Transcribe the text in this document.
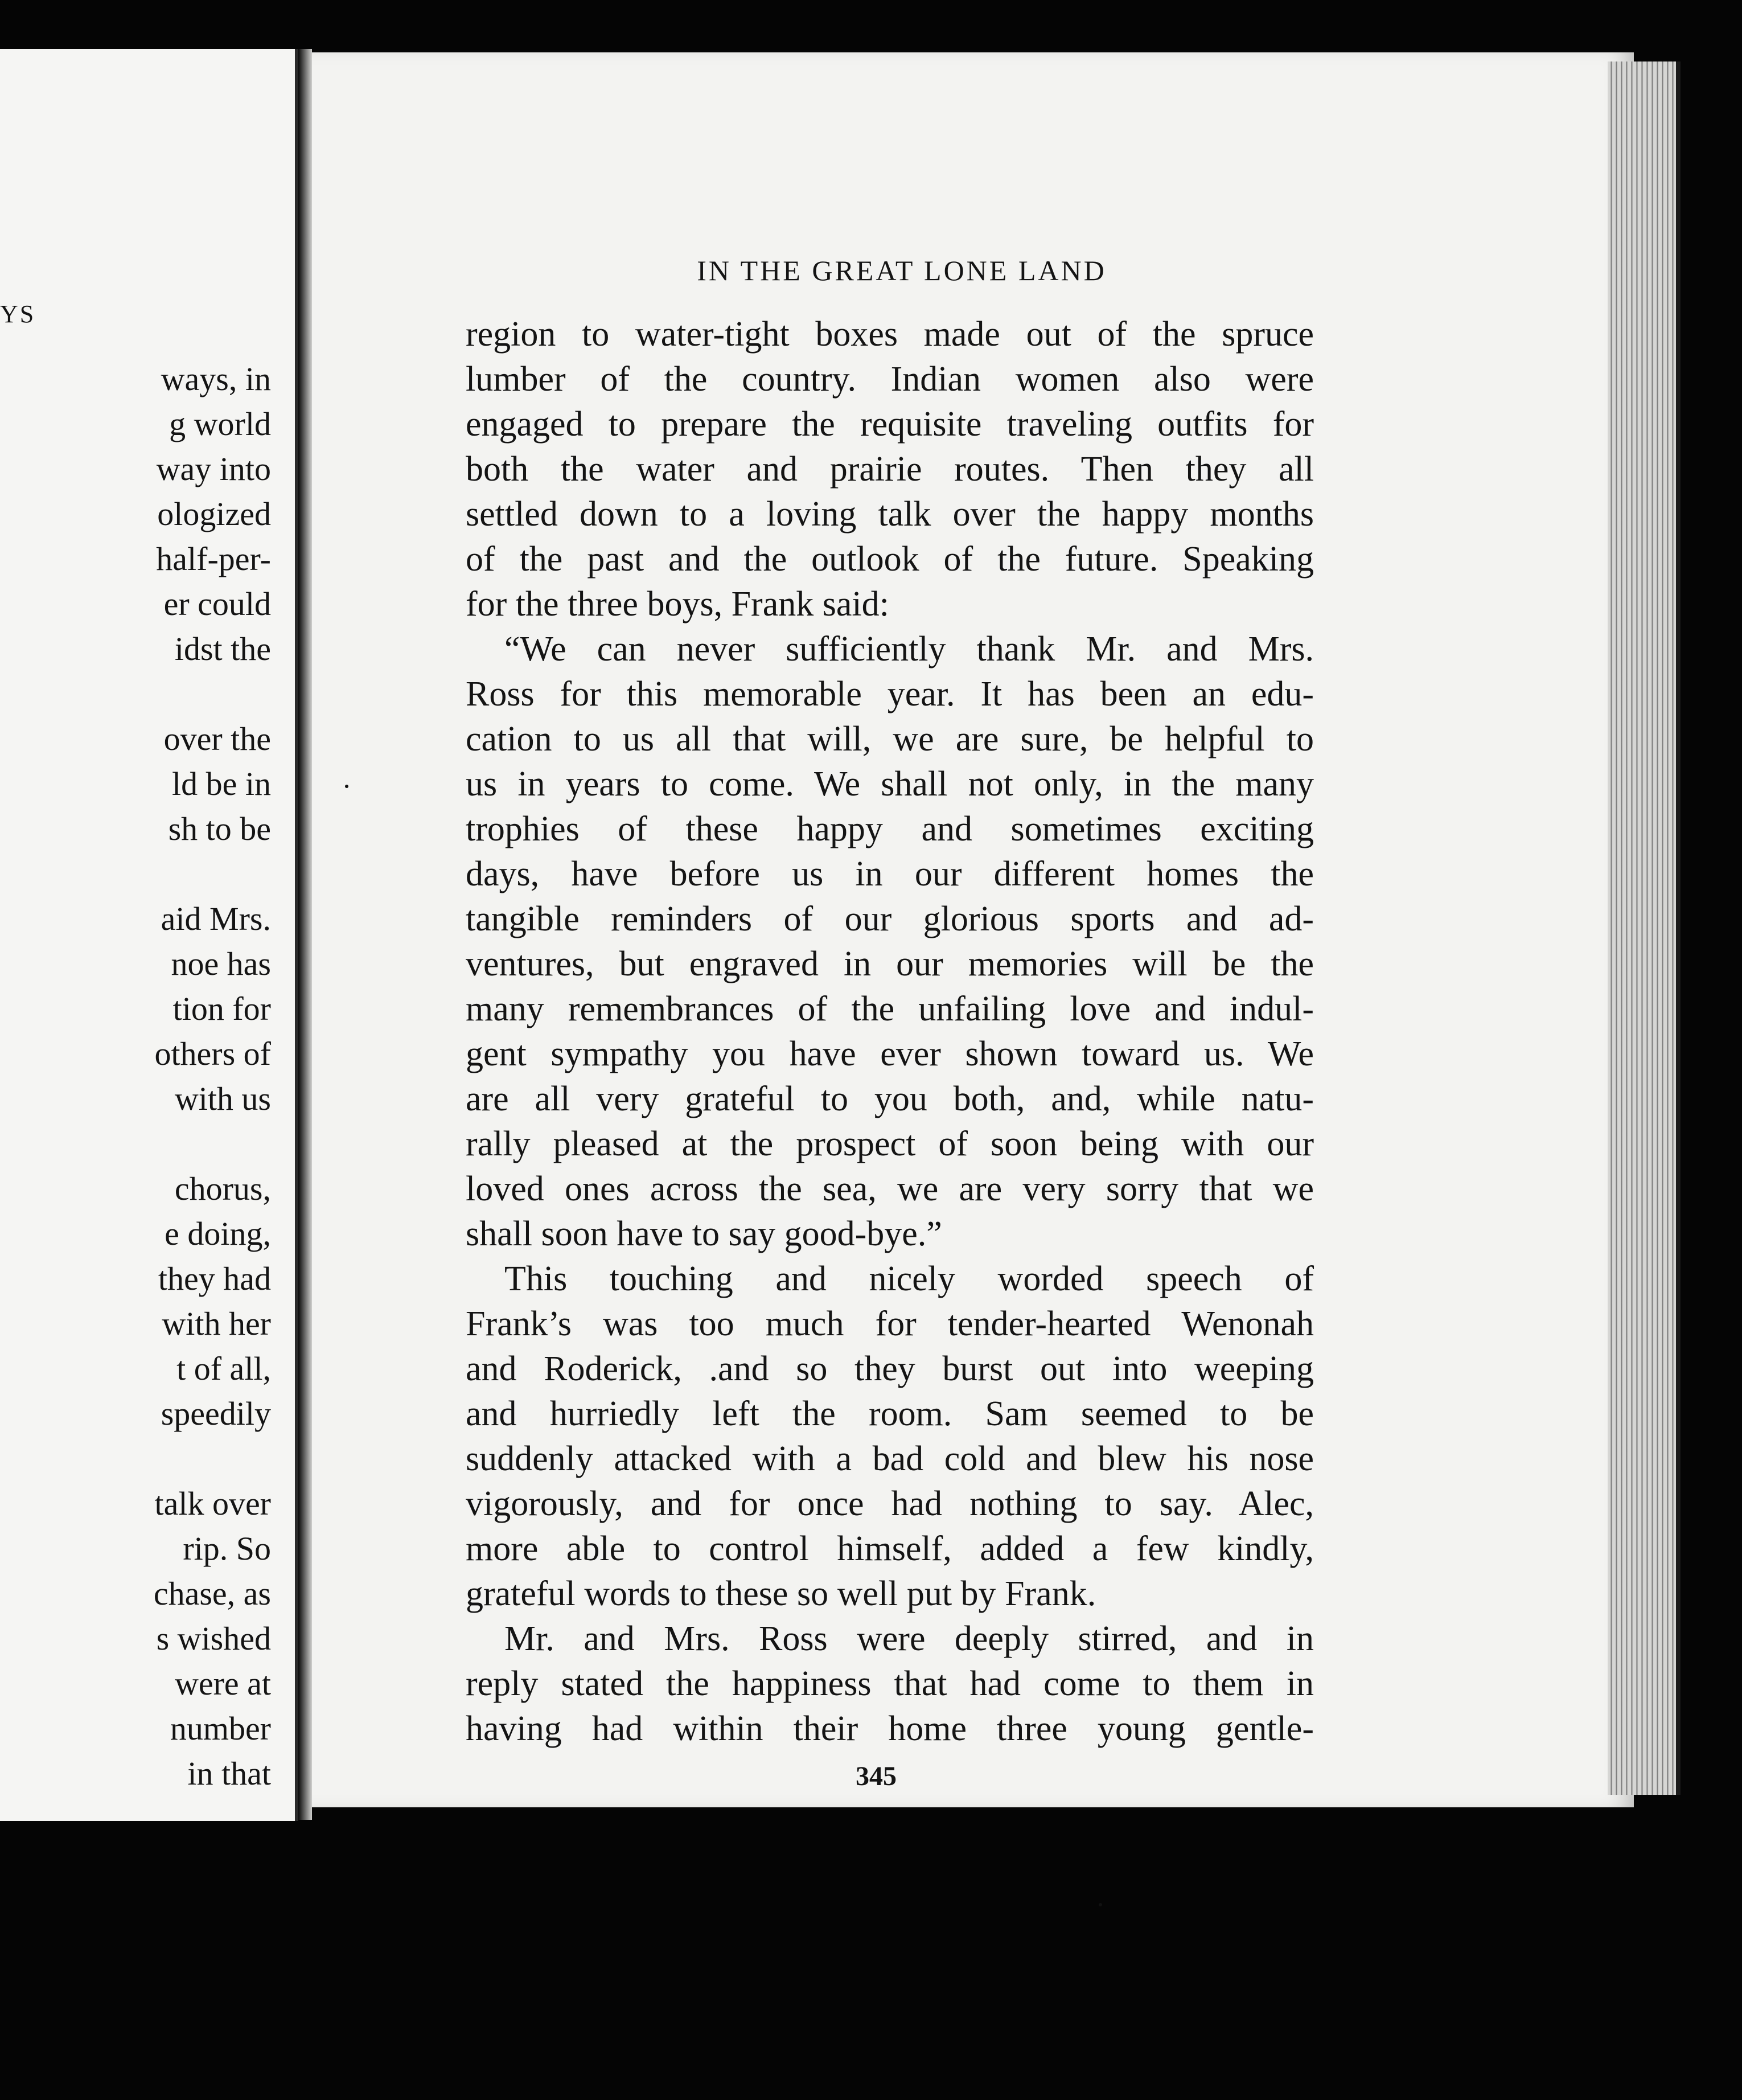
YS
ways, in
g world
way into
ologized
half-per-
er could
idst the
over the
ld be in
sh to be
aid Mrs.
noe has
tion for
others of
with us
chorus,
e doing,
they had
with her
t of all,
speedily
talk over
rip. So
chase, as
s wished
were at
number
in that
IN THE GREAT LONE LAND
region to water-tight boxes made out of the spruce
lumber of the country. Indian women also were
engaged to prepare the requisite traveling outfits for
both the water and prairie routes. Then they all
settled down to a loving talk over the happy months
of the past and the outlook of the future. Speaking
for the three boys, Frank said:
“We can never sufficiently thank Mr. and Mrs.
Ross for this memorable year. It has been an edu-
cation to us all that will, we are sure, be helpful to
us in years to come. We shall not only, in the many
trophies of these happy and sometimes exciting
days, have before us in our different homes the
tangible reminders of our glorious sports and ad-
ventures, but engraved in our memories will be the
many remembrances of the unfailing love and indul-
gent sympathy you have ever shown toward us. We
are all very grateful to you both, and, while natu-
rally pleased at the prospect of soon being with our
loved ones across the sea, we are very sorry that we
shall soon have to say good-bye.”
This touching and nicely worded speech of
Frank’s was too much for tender-hearted Wenonah
and Roderick, .and so they burst out into weeping
and hurriedly left the room. Sam seemed to be
suddenly attacked with a bad cold and blew his nose
vigorously, and for once had nothing to say. Alec,
more able to control himself, added a few kindly,
grateful words to these so well put by Frank.
Mr. and Mrs. Ross were deeply stirred, and in
reply stated the happiness that had come to them in
having had within their home three young gentle-
345
